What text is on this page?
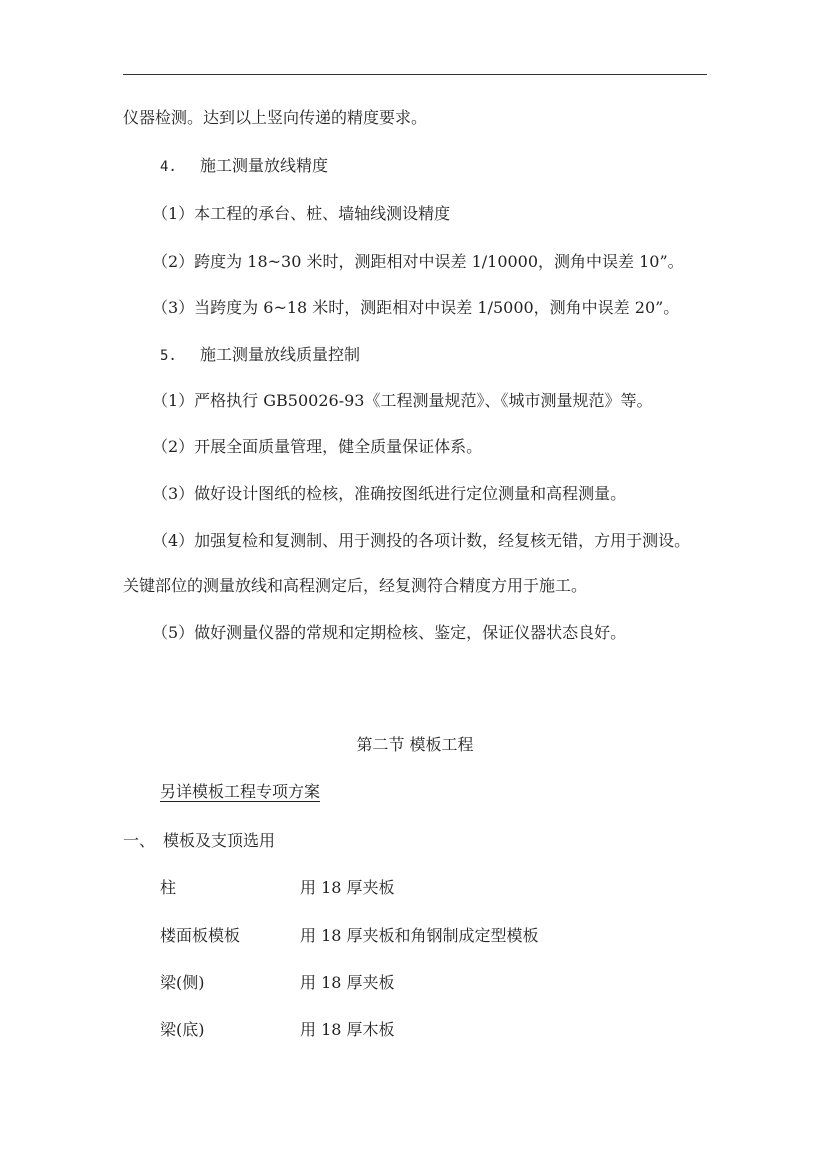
仪器检测。达到以上竖向传递的精度要求。
4. 施工测量放线精度
（1）本工程的承台、桩、墙轴线测设精度
（2）跨度为 18~30 米时，测距相对中误差 1/10000，测角中误差 10”。
（3）当跨度为 6~18 米时，测距相对中误差 1/5000，测角中误差 20”。
5. 施工测量放线质量控制
（1）严格执行 GB50026-93《工程测量规范》、《城市测量规范》等。
（2）开展全面质量管理，健全质量保证体系。
（3）做好设计图纸的检核，准确按图纸进行定位测量和高程测量。
（4）加强复检和复测制、用于测投的各项计数，经复核无错，方用于测设。
关键部位的测量放线和高程测定后，经复测符合精度方用于施工。
（5）做好测量仪器的常规和定期检核、鉴定，保证仪器状态良好。
第二节 模板工程
另详模板工程专项方案
一、 模板及支顶选用
柱	用 18 厚夹板
楼面板模板	用 18 厚夹板和角钢制成定型模板
梁(侧)	用 18 厚夹板
梁(底)	用 18 厚木板
